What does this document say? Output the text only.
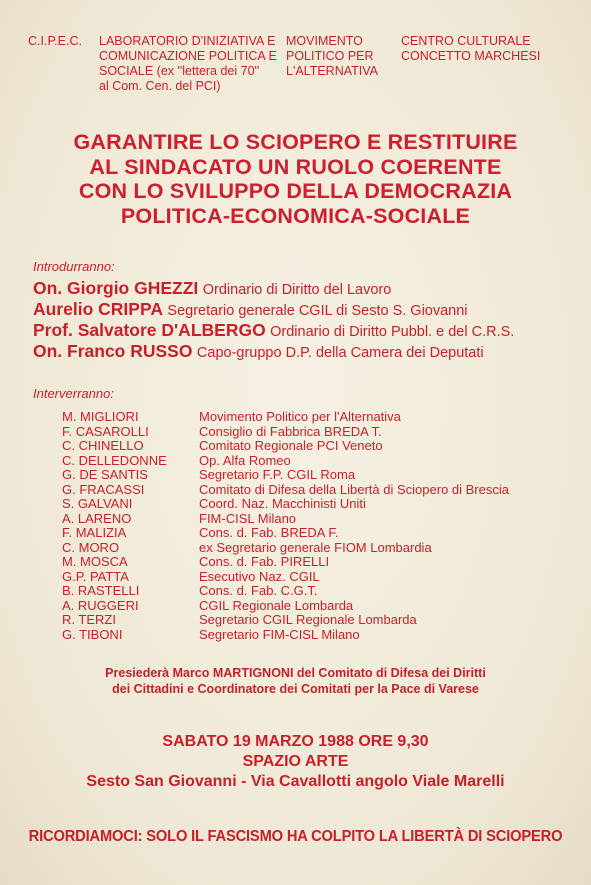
C.I.P.E.C. LABORATORIO D'INIZIATIVA E
COMUNICAZIONE POLITICA E
SOCIALE (ex ''lettera dei 70''
al Com. Cen. del PCI)
MOVIMENTO
POLITICO PER
L'ALTERNATIVA
CENTRO CULTURALE
CONCETTO MARCHESI
GARANTIRE LO SCIOPERO E RESTITUIRE
AL SINDACATO UN RUOLO COERENTE
CON LO SVILUPPO DELLA DEMOCRAZIA
POLITICA-ECONOMICA-SOCIALE
Introdurranno:
On. Giorgio GHEZZI Ordinario di Diritto del Lavoro
Aurelio CRIPPA Segretario generale CGIL di Sesto S. Giovanni
Prof. Salvatore D'ALBERGO Ordinario di Diritto Pubbl. e del C.R.S.
On. Franco RUSSO Capo-gruppo D.P. della Camera dei Deputati
Interverranno:
M. MIGLIORI	Movimento Politico per l'Alternativa
F. CASAROLLI	Consiglio di Fabbrica BREDA T.
C. CHINELLO	Comitato Regionale PCI Veneto
C. DELLEDONNE Op. Alfa Romeo
G. DE SANTIS	Segretario F.P. CGIL Roma
G. FRACASSI	Comitato di Difesa della Libertà di Sciopero di Brescia
S. GALVANI	Coord. Naz. Macchinisti Uniti
A. LARENO	FIM-CISL Milano
F. MALIZIA	Cons. d. Fab. BREDA F.
C. MORO	ex Segretario generale FIOM Lombardia
M. MOSCA	Cons. d. Fab. PIRELLI
G.P. PATTA	Esecutivo Naz. CGIL
B. RASTELLI	Cons. d. Fab. C.G.T.
A. RUGGERI	CGIL Regionale Lombarda
R. TERZI	Segretario CGIL Regionale Lombarda
G. TIBONI	Segretario FIM-CISL Milano
Presiederà Marco MARTIGNONI del Comitato di Difesa dei Diritti
dei Cittadini e Coordinatore dei Comitati per la Pace di Varese
SABATO 19 MARZO 1988 ORE 9,30
SPAZIO ARTE
Sesto San Giovanni - Via Cavallotti angolo Viale Marelli
RICORDIAMOCI: SOLO IL FASCISMO HA COLPITO LA LIBERTÀ DI SCIOPERO
